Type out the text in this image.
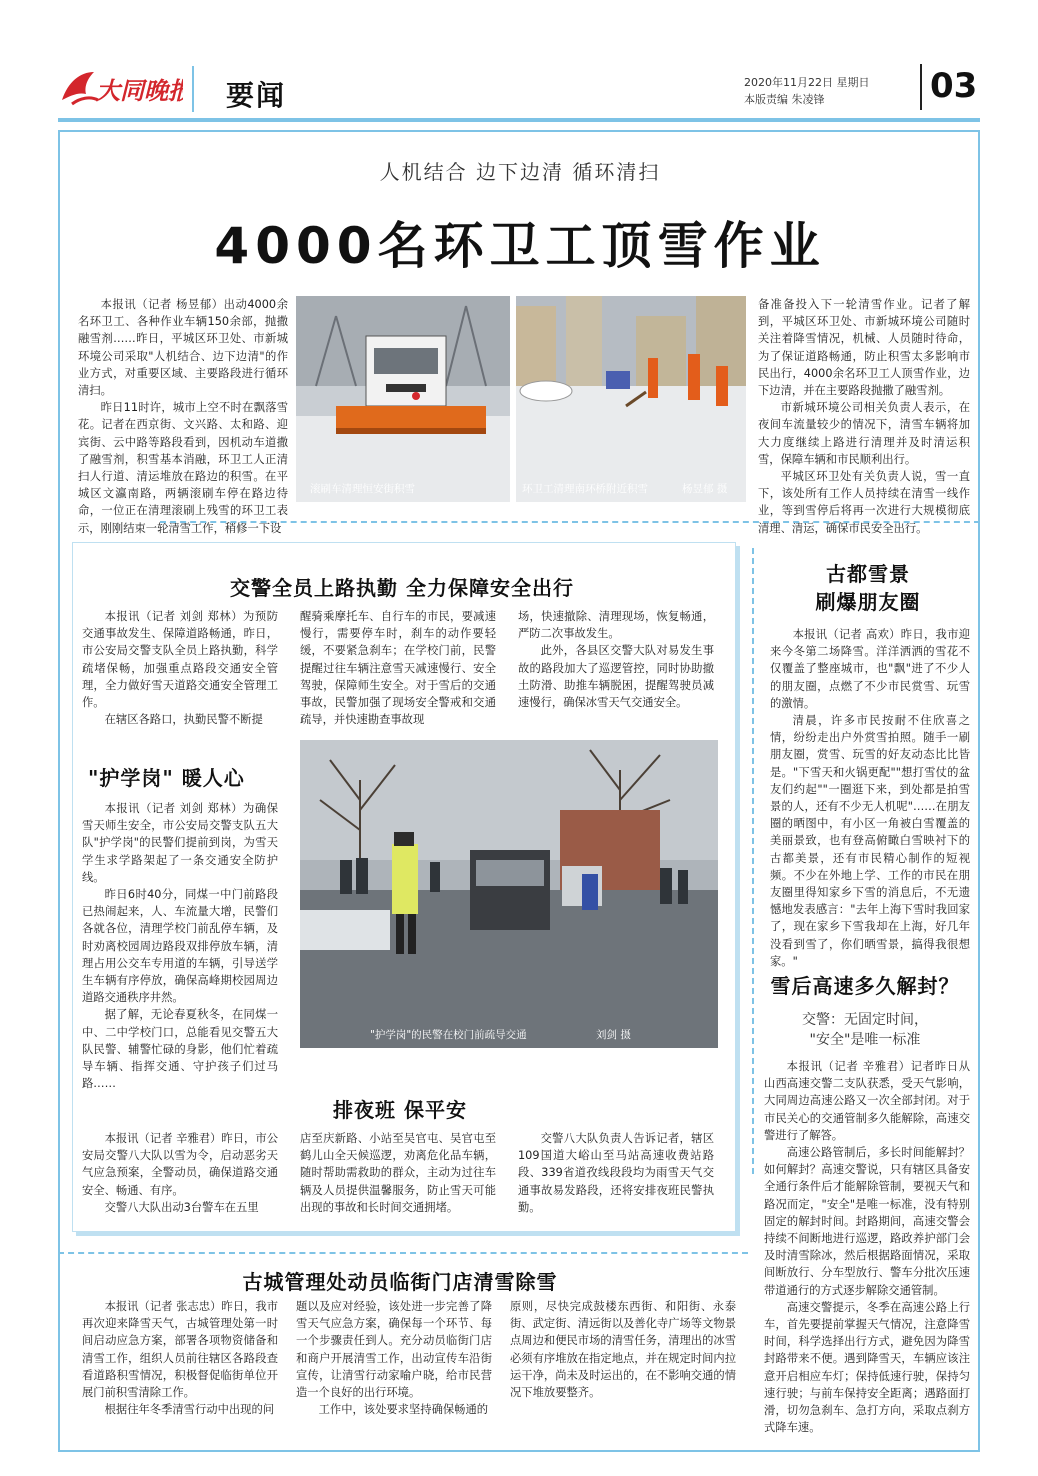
大同晚报 要闻	2020年11月22日 星期日
本版责编 朱凌锋	03
人机结合 边下边清 循环清扫
4000名环卫工顶雪作业

本报讯（记者 杨昱郁）出动4000余名环卫工、各种作业车辆150余部，抛撒融雪剂……昨日，平城区环卫处、市新城环境公司采取"人机结合、边下边清"的作业方式，对重要区域、主要路段进行循环清扫。

昨日11时许，城市上空不时在飘落雪花。记者在西京街、文兴路、太和路、迎宾街、云中路等路段看到，因机动车道撒了融雪剂，积雪基本消融，环卫工人正清扫人行道、清运堆放在路边的积雪。在平城区文瀛南路，两辆滚刷车停在路边待命，一位正在清理滚刷上残雪的环卫工表示，刚刚结束一轮清雪工作，稍修一下设

滚刷车清理恒安街积雪	环卫工清理南环桥附近积雪	杨昱郁 摄

备准备投入下一轮清雪作业。记者了解到，平城区环卫处、市新城环境公司随时关注着降雪情况，机械、人员随时待命，为了保证道路畅通，防止积雪太多影响市民出行，4000余名环卫工人顶雪作业，边下边清，并在主要路段抛撒了融雪剂。

市新城环境公司相关负责人表示，在夜间车流量较少的情况下，清雪车辆将加大力度继续上路进行清理并及时清运积雪，保障车辆和市民顺利出行。

平城区环卫处有关负责人说，雪一直下，该处所有工作人员持续在清雪一线作业，等到雪停后将再一次进行大规模彻底清理、清运，确保市民安全出行。

交警全员上路执勤 全力保障安全出行

本报讯（记者 刘剑 郑林）为预防交通事故发生、保障道路畅通，昨日，市公安局交警支队全员上路执勤，科学疏堵保畅，加强重点路段交通安全管理，全力做好雪天道路交通安全管理工作。

在辖区各路口，执勤民警不断提

醒骑乘摩托车、自行车的市民，要减速慢行，需要停车时，刹车的动作要轻缓，不要紧急刹车；在学校门前，民警提醒过往车辆注意雪天减速慢行、安全驾驶，保障师生安全。对于雪后的交通事故，民警加强了现场安全警戒和交通疏导，并快速勘查事故现

场，快速撤除、清理现场，恢复畅通，严防二次事故发生。

此外，各县区交警大队对易发生事故的路段加大了巡逻管控，同时协助撤土防滑、助推车辆脱困，提醒驾驶员减速慢行，确保冰雪天气交通安全。

"护学岗" 暖人心

本报讯（记者 刘剑 郑林）为确保雪天师生安全，市公安局交警支队五大队"护学岗"的民警们提前到岗，为雪天学生求学路架起了一条交通安全防护线。

昨日6时40分，同煤一中门前路段已热闹起来，人、车流量大增，民警们各就各位，清理学校门前乱停车辆，及时劝离校园周边路段双排停放车辆，清理占用公交车专用道的车辆，引导送学生车辆有序停放，确保高峰期校园周边道路交通秩序井然。

据了解，无论春夏秋冬，在同煤一中、二中学校门口，总能看见交警五大队民警、辅警忙碌的身影，他们忙着疏导车辆、指挥交通、守护孩子们过马路……

"护学岗"的民警在校门前疏导交通	刘剑 摄
排夜班 保平安

本报讯（记者 辛雅君）昨日，市公安局交警八大队以雪为令，启动恶劣天气应急预案，全警动员，确保道路交通安全、畅通、有序。

交警八大队出动3台警车在五里

店至庆新路、小站至吴官屯、吴官屯至鹤儿山全天候巡逻，劝离危化品车辆，随时帮助需救助的群众，主动为过往车辆及人员提供温馨服务，防止雪天可能出现的事故和长时间交通拥堵。

交警八大队负责人告诉记者，辖区109国道大峪山至马站高速收费站路段、339省道孜线段段均为雨雪天气交通事故易发路段，还将安排夜班民警执勤。

古都雪景
刷爆朋友圈

本报讯（记者 高欢）昨日，我市迎来今冬第二场降雪。洋洋洒洒的雪花不仅覆盖了整座城市，也"飘"进了不少人的朋友圈，点燃了不少市民赏雪、玩雪的激情。

清晨，许多市民按耐不住欣喜之情，纷纷走出户外赏雪拍照。随手一刷朋友圈，赏雪、玩雪的好友动态比比皆是。"下雪天和火锅更配""想打雪仗的盆友们约起""一圈逛下来，到处都是拍雪景的人，还有不少无人机呢"……在朋友圈的晒图中，有小区一角被白雪覆盖的美丽景致，也有登高俯瞰白雪映衬下的古都美景，还有市民精心制作的短视频。不少在外地上学、工作的市民在朋友圈里得知家乡下雪的消息后，不无遗憾地发表感言："去年上海下雪时我回家了，现在家乡下雪我却在上海，好几年没看到雪了，你们晒雪景，搞得我很想家。"

雪后高速多久解封？
交警：无固定时间，
"安全"是唯一标准

本报讯（记者 辛雅君）记者昨日从山西高速交警二支队获悉，受天气影响，大同周边高速公路又一次全部封闭。对于市民关心的交通管制多久能解除，高速交警进行了解答。

高速公路管制后，多长时间能解封？如何解封？高速交警说，只有辖区具备安全通行条件后才能解除管制，要视天气和路况而定，"安全"是唯一标准，没有特别固定的解封时间。封路期间，高速交警会持续不间断地进行巡逻，路政养护部门会及时清雪除冰，然后根据路面情况，采取间断放行、分车型放行、警车分批次压速带道通行的方式逐步解除交通管制。

高速交警提示，冬季在高速公路上行车，首先要提前掌握天气情况，注意降雪时间，科学选择出行方式，避免因为降雪封路带来不便。遇到降雪天，车辆应该注意开启相应车灯；保持低速行驶，保持匀速行驶；与前车保持安全距离；遇路面打滑，切勿急刹车、急打方向，采取点刹方式降车速。

古城管理处动员临街门店清雪除雪

本报讯（记者 张志忠）昨日，我市再次迎来降雪天气，古城管理处第一时间启动应急方案，部署各项物资储备和清雪工作，组织人员前往辖区各路段查看道路积雪情况，积极督促临街单位开展门前积雪清除工作。

根据往年冬季清雪行动中出现的问

题以及应对经验，该处进一步完善了降雪天气应急方案，确保每一个环节、每一个步骤责任到人。充分动员临街门店和商户开展清雪工作，出动宣传车沿街宣传，让清雪行动家喻户晓，给市民营造一个良好的出行环境。

工作中，该处要求坚持确保畅通的

原则，尽快完成鼓楼东西街、和阳街、永泰街、武定街、清远街以及善化寺广场等文物景点周边和便民市场的清雪任务，清理出的冰雪必须有序堆放在指定地点，并在规定时间内拉运干净，尚未及时运出的，在不影响交通的情况下堆放要整齐。
